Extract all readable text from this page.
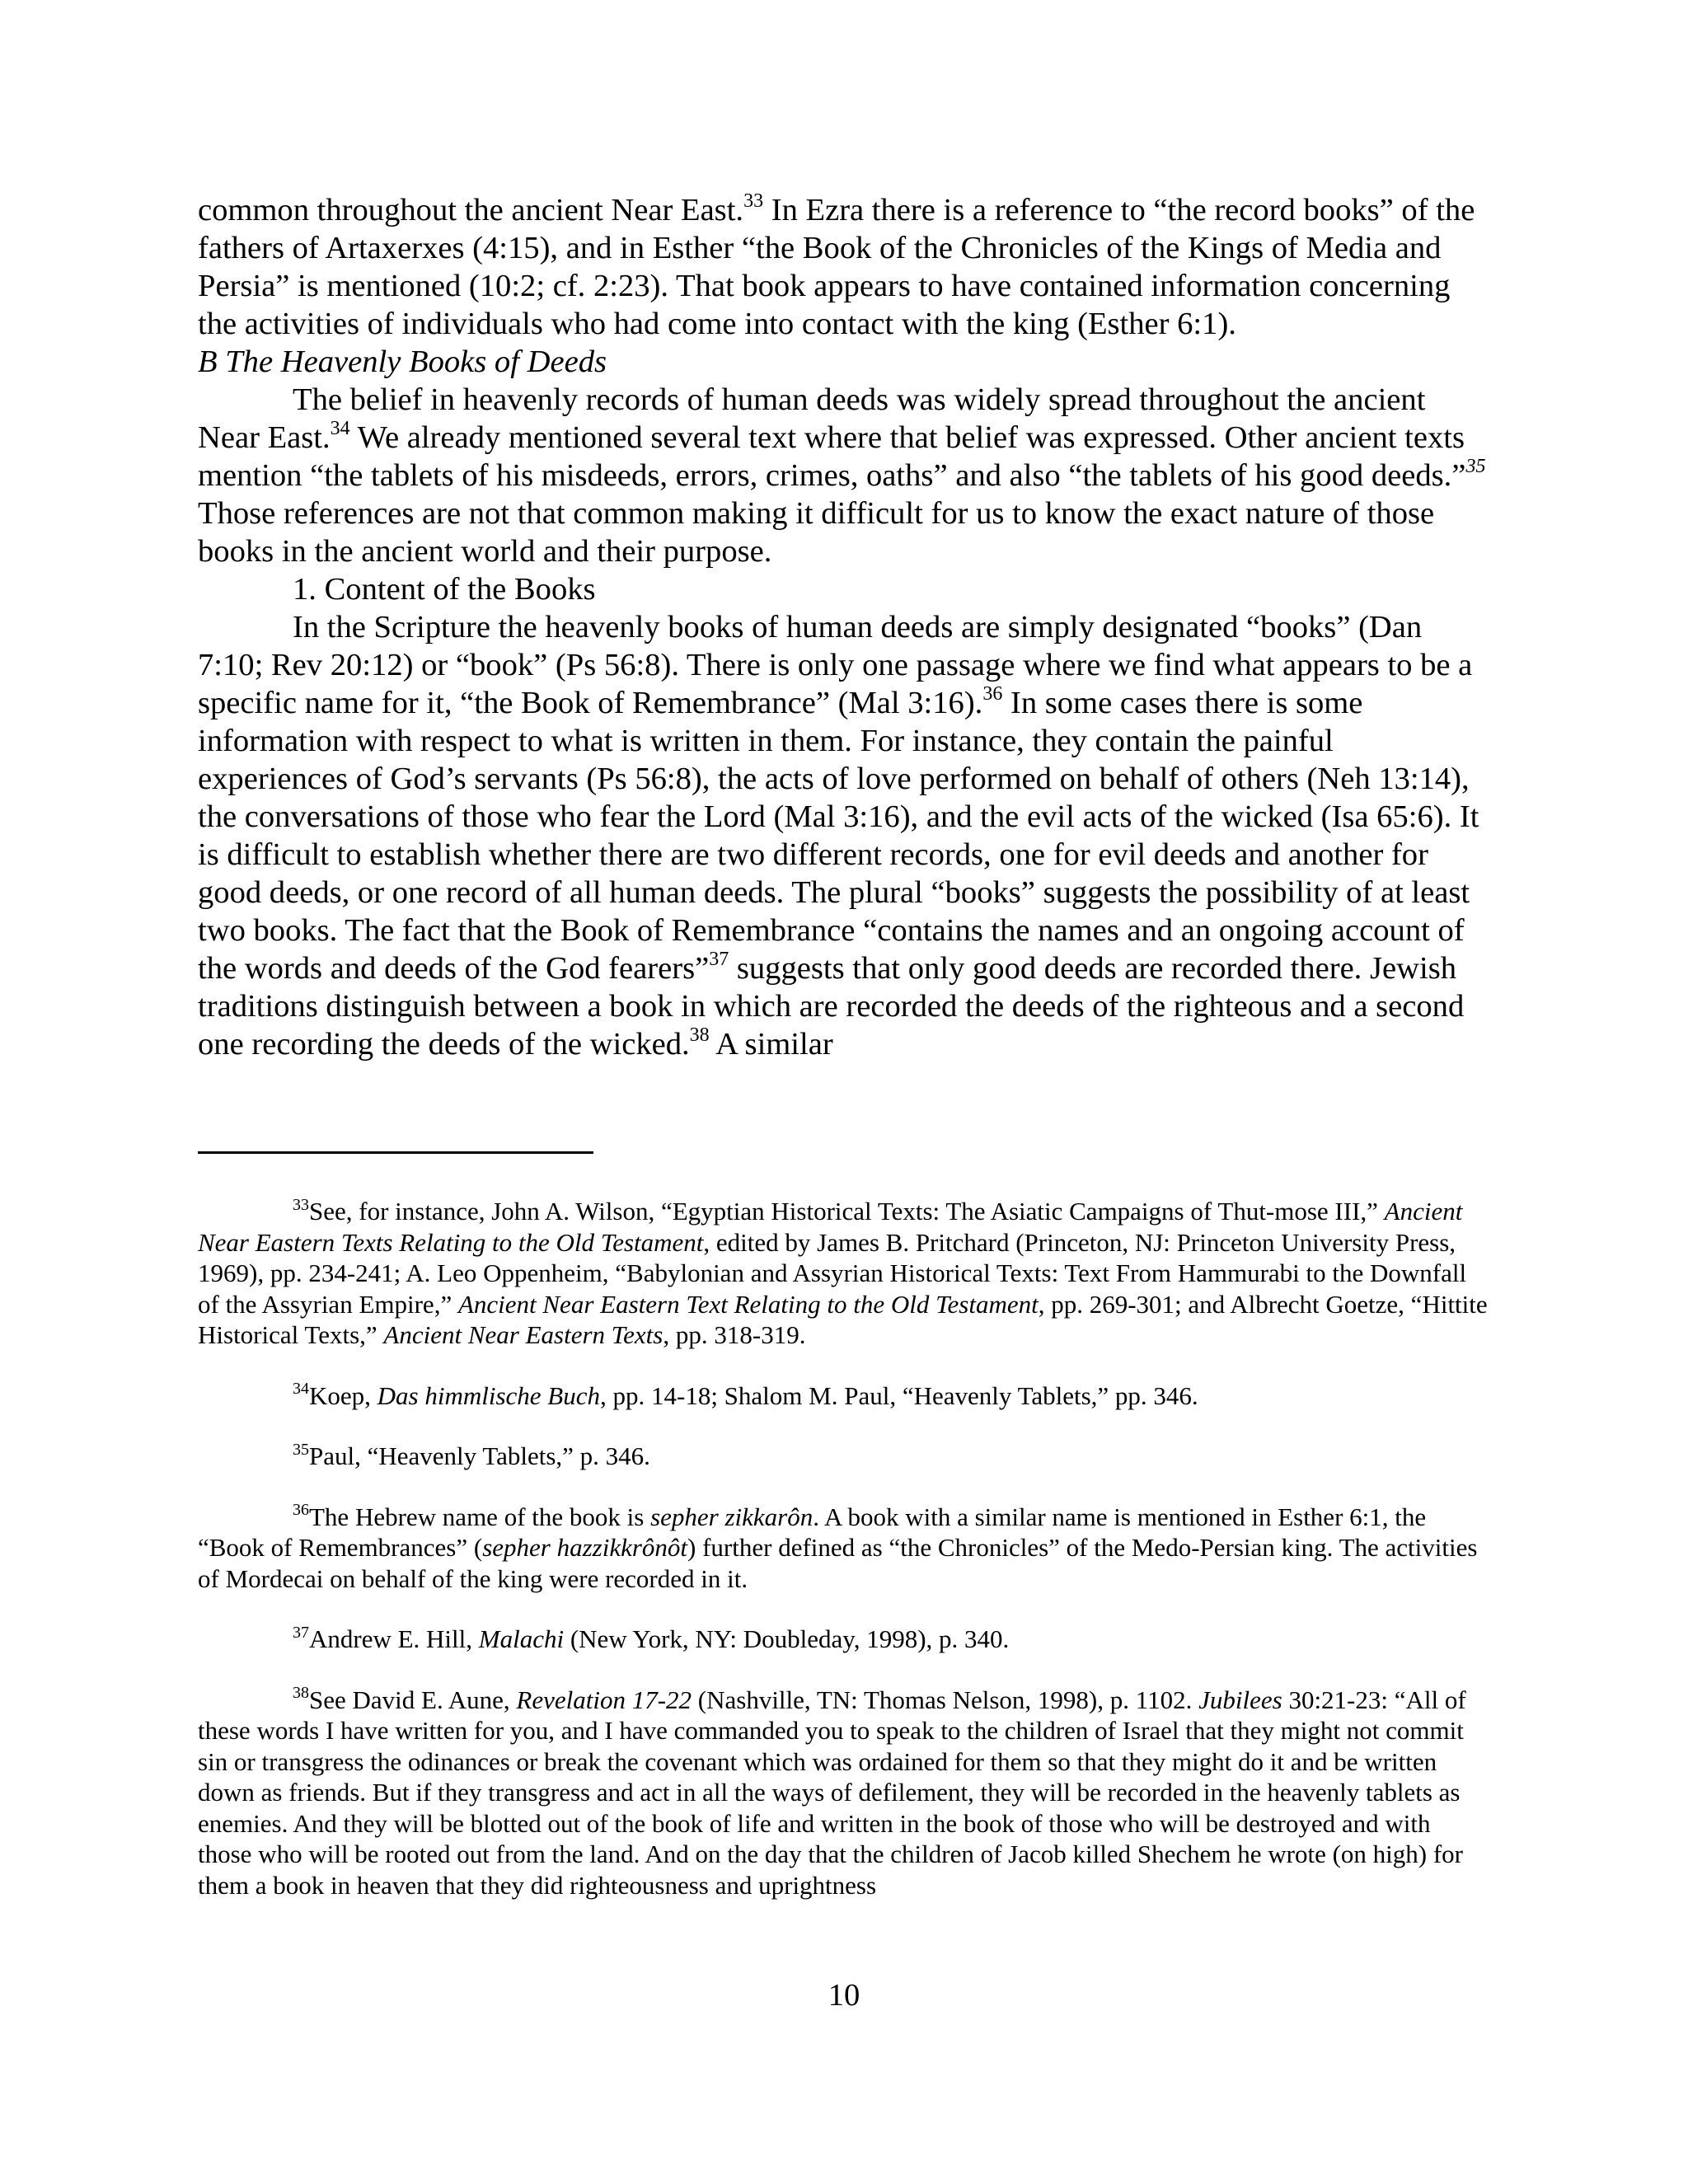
common throughout the ancient Near East.$^{33}$ In Ezra there is a reference to “the record books” of the fathers of Artaxerxes (4:15), and in Esther “the Book of the Chronicles of the Kings of Media and Persia” is mentioned (10:2; cf. 2:23). That book appears to have contained information concerning the activities of individuals who had come into contact with the king (Esther 6:1).

B The Heavenly Books of Deeds

The belief in heavenly records of human deeds was widely spread throughout the ancient Near East.$^{34}$ We already mentioned several text where that belief was expressed. Other ancient texts mention “the tablets of his misdeeds, errors, crimes, oaths” and also “the tablets of his good deeds.”$^{35}$ Those references are not that common making it difficult for us to know the exact nature of those books in the ancient world and their purpose.

1. Content of the Books

In the Scripture the heavenly books of human deeds are simply designated “books” (Dan 7:10; Rev 20:12) or “book” (Ps 56:8). There is only one passage where we find what appears to be a specific name for it, “the Book of Remembrance” (Mal 3:16).$^{36}$ In some cases there is some information with respect to what is written in them. For instance, they contain the painful experiences of God’s servants (Ps 56:8), the acts of love performed on behalf of others (Neh 13:14), the conversations of those who fear the Lord (Mal 3:16), and the evil acts of the wicked (Isa 65:6). It is difficult to establish whether there are two different records, one for evil deeds and another for good deeds, or one record of all human deeds. The plural “books” suggests the possibility of at least two books. The fact that the Book of Remembrance “contains the names and an ongoing account of the words and deeds of the God fearers”$^{37}$ suggests that only good deeds are recorded there. Jewish traditions distinguish between a book in which are recorded the deeds of the righteous and a second one recording the deeds of the wicked.$^{38}$ A similar

$^{33}$See, for instance, John A. Wilson, “Egyptian Historical Texts: The Asiatic Campaigns of Thut-mose III,” Ancient Near Eastern Texts Relating to the Old Testament, edited by James B. Pritchard (Princeton, NJ: Princeton University Press, 1969), pp. 234-241; A. Leo Oppenheim, “Babylonian and Assyrian Historical Texts: Text From Hammurabi to the Downfall of the Assyrian Empire,” Ancient Near Eastern Text Relating to the Old Testament, pp. 269-301; and Albrecht Goetze, “Hittite Historical Texts,” Ancient Near Eastern Texts, pp. 318-319.

$^{34}$Koep, Das himmlische Buch, pp. 14-18; Shalom M. Paul, “Heavenly Tablets,” pp. 346.

$^{35}$Paul, “Heavenly Tablets,” p. 346.

$^{36}$The Hebrew name of the book is sepher zikkarôn. A book with a similar name is mentioned in Esther 6:1, the “Book of Remembrances” (sepher hazzikkrônôt) further defined as “the Chronicles” of the Medo-Persian king. The activities of Mordecai on behalf of the king were recorded in it.

$^{37}$Andrew E. Hill, Malachi (New York, NY: Doubleday, 1998), p. 340.

$^{38}$See David E. Aune, Revelation 17-22 (Nashville, TN: Thomas Nelson, 1998), p. 1102. Jubilees 30:21-23: “All of these words I have written for you, and I have commanded you to speak to the children of Israel that they might not commit sin or transgress the odinances or break the covenant which was ordained for them so that they might do it and be written down as friends. But if they transgress and act in all the ways of defilement, they will be recorded in the heavenly tablets as enemies. And they will be blotted out of the book of life and written in the book of those who will be destroyed and with those who will be rooted out from the land. And on the day that the children of Jacob killed Shechem he wrote (on high) for them a book in heaven that they did righteousness and uprightness

10
